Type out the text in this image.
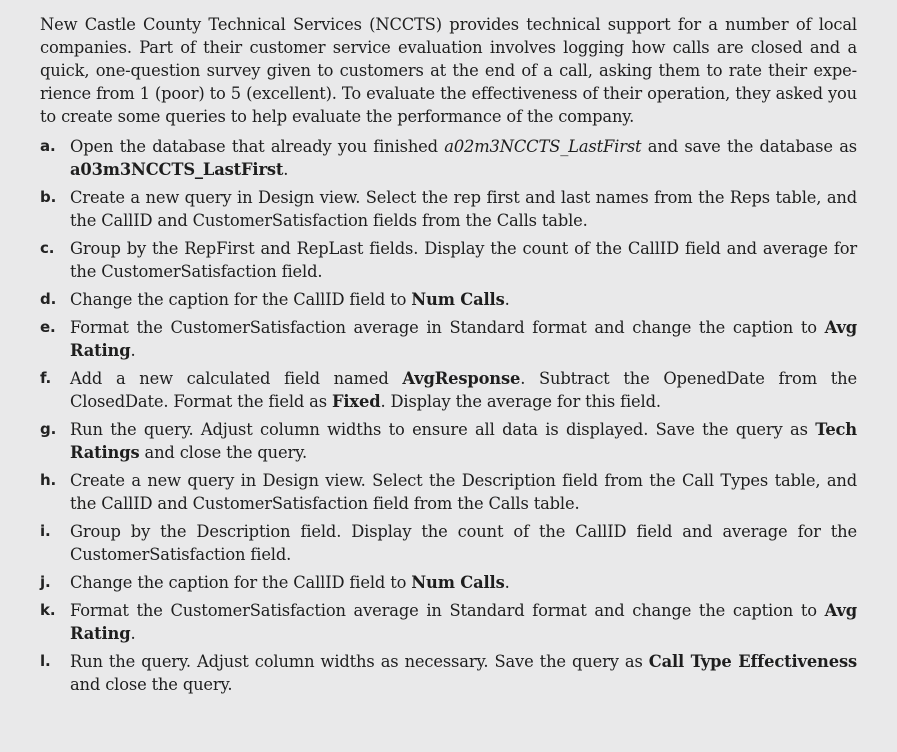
New Castle County Technical Services (NCCTS) provides technical support for a number of local companies. Part of their customer service evaluation involves logging how calls are closed and a quick, one-question survey given to customers at the end of a call, asking them to rate their expe-rience from 1 (poor) to 5 (excellent). To evaluate the effectiveness of their operation, they asked you to create some queries to help evaluate the performance of the company.

a. Open the database that already you finished a02m3NCCTS_LastFirst and save the database as a03m3NCCTS_LastFirst.
b. Create a new query in Design view. Select the rep first and last names from the Reps table, and the CallID and CustomerSatisfaction fields from the Calls table.
c. Group by the RepFirst and RepLast fields. Display the count of the CallID field and average for the CustomerSatisfaction field.
d. Change the caption for the CallID field to Num Calls.
e. Format the CustomerSatisfaction average in Standard format and change the caption to Avg Rating.
f. Add a new calculated field named AvgResponse. Subtract the OpenedDate from the ClosedDate. Format the field as Fixed. Display the average for this field.
g. Run the query. Adjust column widths to ensure all data is displayed. Save the query as Tech Ratings and close the query.
h. Create a new query in Design view. Select the Description field from the Call Types table, and the CallID and CustomerSatisfaction field from the Calls table.
i. Group by the Description field. Display the count of the CallID field and average for the CustomerSatisfaction field.
j. Change the caption for the CallID field to Num Calls.
k. Format the CustomerSatisfaction average in Standard format and change the caption to Avg Rating.
l. Run the query. Adjust column widths as necessary. Save the query as Call Type Effectiveness and close the query.
